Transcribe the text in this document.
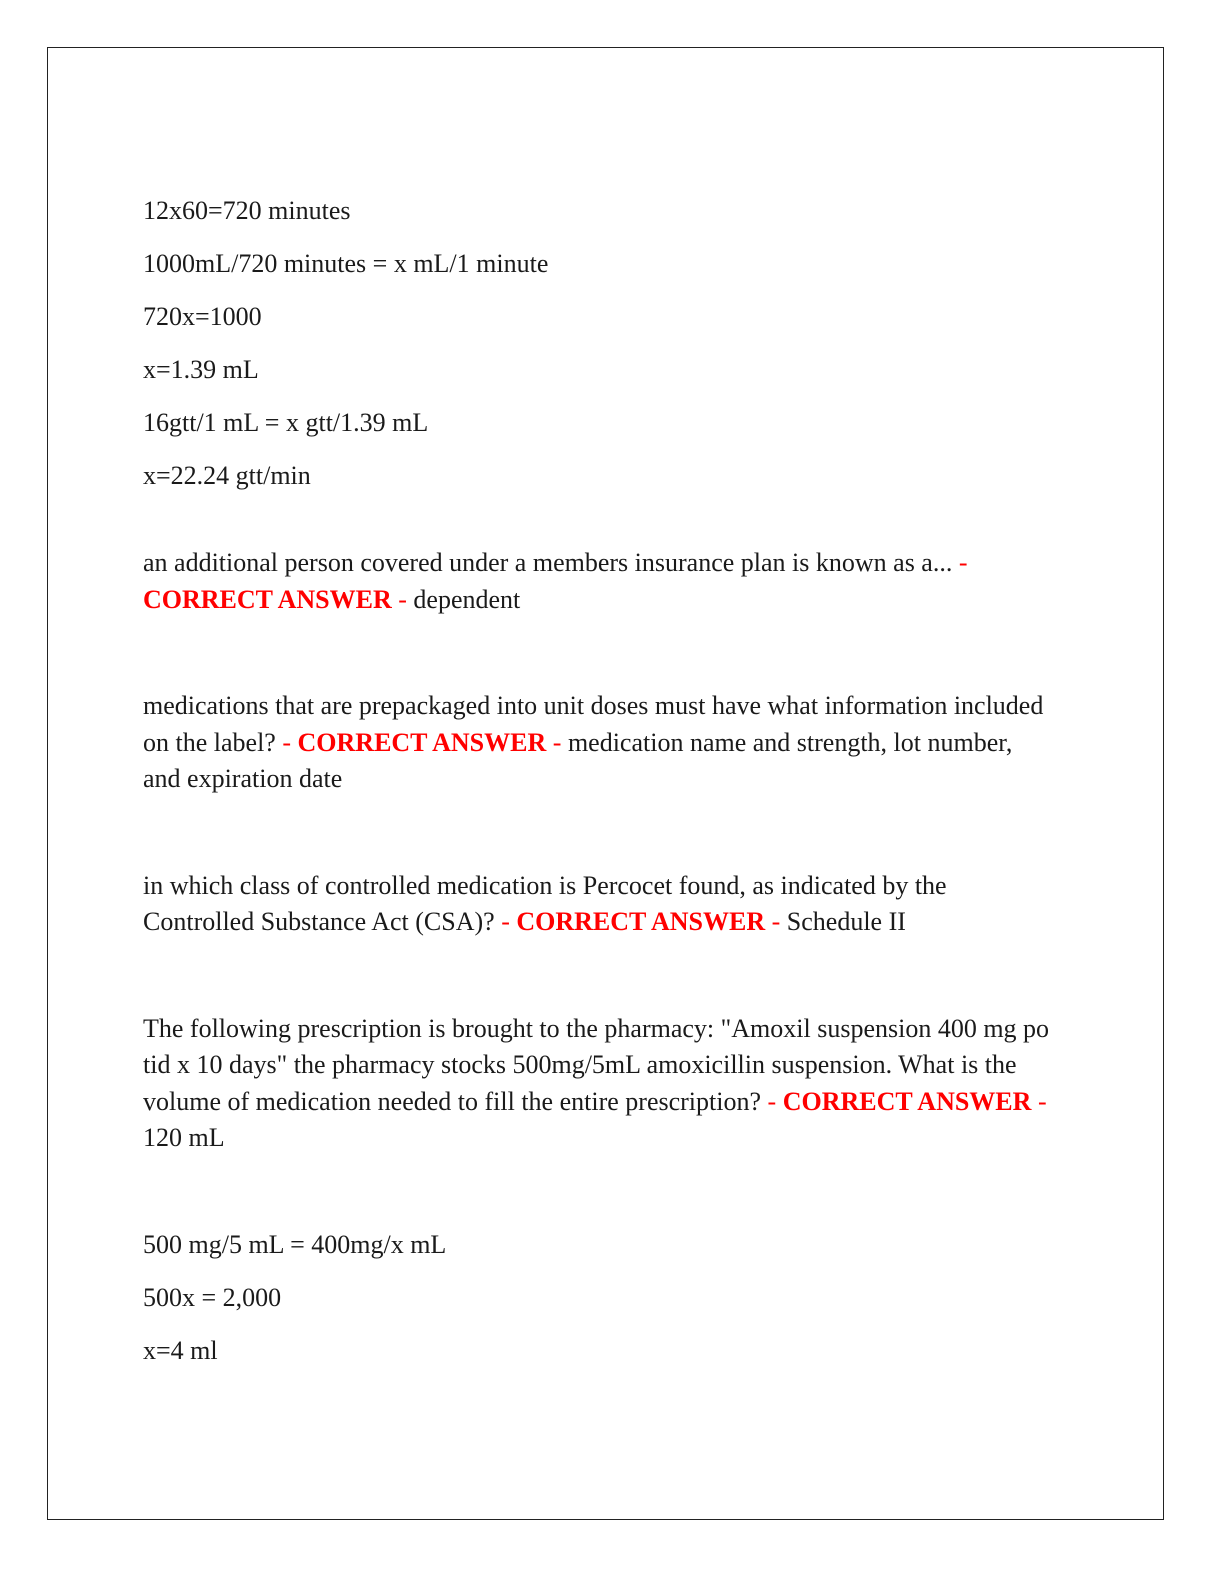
12x60=720 minutes

1000mL/720 minutes = x mL/1 minute

720x=1000

x=1.39 mL

16gtt/1 mL = x gtt/1.39 mL

x=22.24 gtt/min

an additional person covered under a members insurance plan is known as a... - CORRECT ANSWER - dependent

medications that are prepackaged into unit doses must have what information included on the label? - CORRECT ANSWER - medication name and strength, lot number, and expiration date

in which class of controlled medication is Percocet found, as indicated by the Controlled Substance Act (CSA)? - CORRECT ANSWER - Schedule II

The following prescription is brought to the pharmacy: "Amoxil suspension 400 mg po tid x 10 days" the pharmacy stocks 500mg/5mL amoxicillin suspension. What is the volume of medication needed to fill the entire prescription? - CORRECT ANSWER - 120 mL

500 mg/5 mL = 400mg/x mL

500x = 2,000

x=4 ml
